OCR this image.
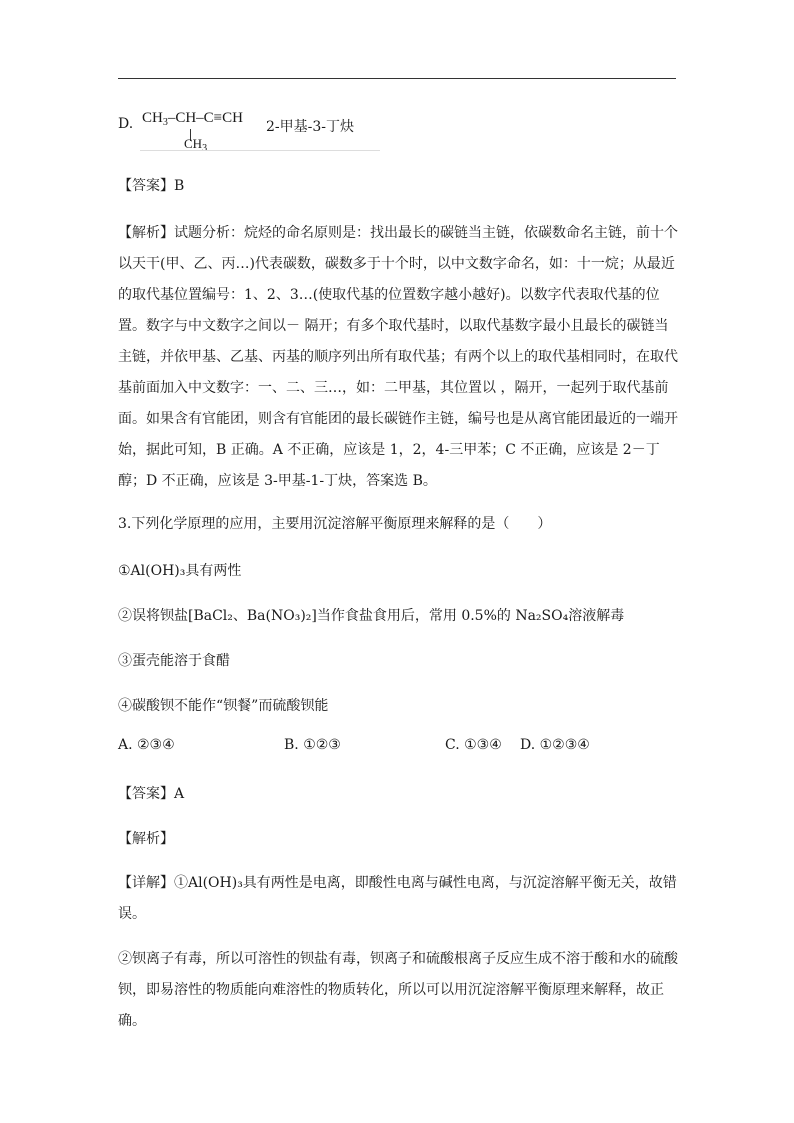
D. $CH_3-CH-C\equiv CH$
$CH_3$
2-甲基-3-丁炔

【答案】B

【解析】试题分析：烷烃的命名原则是：找出最长的碳链当主链，依碳数命名主链，前十个以天干(甲、乙、丙…)代表碳数，碳数多于十个时，以中文数字命名，如：十一烷；从最近的取代基位置编号：1、2、3…(使取代基的位置数字越小越好)。以数字代表取代基的位置。数字与中文数字之间以－ 隔开；有多个取代基时，以取代基数字最小且最长的碳链当主链，并依甲基、乙基、丙基的顺序列出所有取代基；有两个以上的取代基相同时，在取代基前面加入中文数字：一、二、三…，如：二甲基，其位置以 ，隔开，一起列于取代基前面。如果含有官能团，则含有官能团的最长碳链作主链，编号也是从离官能团最近的一端开始，据此可知，B 正确。A 不正确，应该是 1，2，4-三甲苯；C 不正确，应该是 2－丁醇；D 不正确，应该是 3-甲基-1-丁炔，答案选 B。

3.下列化学原理的应用，主要用沉淀溶解平衡原理来解释的是（　　）

①Al(OH)₃具有两性

②误将钡盐[BaCl₂、Ba(NO₃)₂]当作食盐食用后，常用 0.5%的 Na₂SO₄溶液解毒

③蛋壳能溶于食醋

④碳酸钡不能作“钡餐”而硫酸钡能

A. ②③④	B. ①②③	C. ①③④ D. ①②③④

【答案】A

【解析】

【详解】①Al(OH)₃具有两性是电离，即酸性电离与碱性电离，与沉淀溶解平衡无关，故错误。

②钡离子有毒，所以可溶性的钡盐有毒，钡离子和硫酸根离子反应生成不溶于酸和水的硫酸钡，即易溶性的物质能向难溶性的物质转化，所以可以用沉淀溶解平衡原理来解释，故正确。
